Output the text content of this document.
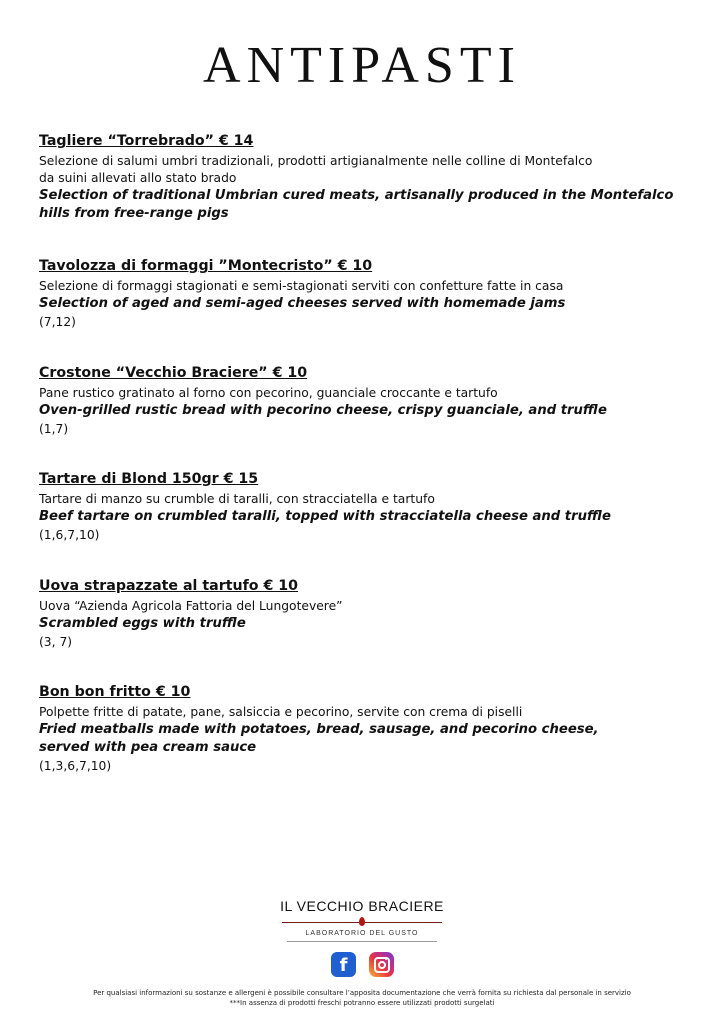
ANTIPASTI

Tagliere “Torrebrado” € 14

Selezione di salumi umbri tradizionali, prodotti artigianalmente nelle colline di Montefalco

da suini allevati allo stato brado

Selection of traditional Umbrian cured meats, artisanally produced in the Montefalco

hills from free-range pigs

Tavolozza di formaggi ”Montecristo” € 10

Selezione di formaggi stagionati e semi-stagionati serviti con confetture fatte in casa

Selection of aged and semi-aged cheeses served with homemade jams

(7,12)

Crostone “Vecchio Braciere” € 10

Pane rustico gratinato al forno con pecorino, guanciale croccante e tartufo

Oven-grilled rustic bread with pecorino cheese, crispy guanciale, and truffle

(1,7)

Tartare di Blond 150gr € 15

Tartare di manzo su crumble di taralli, con stracciatella e tartufo

Beef tartare on crumbled taralli, topped with stracciatella cheese and truffle

(1,6,7,10)

Uova strapazzate al tartufo € 10

Uova “Azienda Agricola Fattoria del Lungotevere”

Scrambled eggs with truffle

(3, 7)

Bon bon fritto € 10

Polpette fritte di patate, pane, salsiccia e pecorino, servite con crema di piselli

Fried meatballs made with potatoes, bread, sausage, and pecorino cheese,

served with pea cream sauce

(1,3,6,7,10)

IL VECCHIO BRACIERE
LABORATORIO DEL GUSTO
f
Per qualsiasi informazioni su sostanze e allergeni è possibile consultare l’apposita documentazione che verrà fornita su richiesta dal personale in servizio
***In assenza di prodotti freschi potranno essere utilizzati prodotti surgelati
